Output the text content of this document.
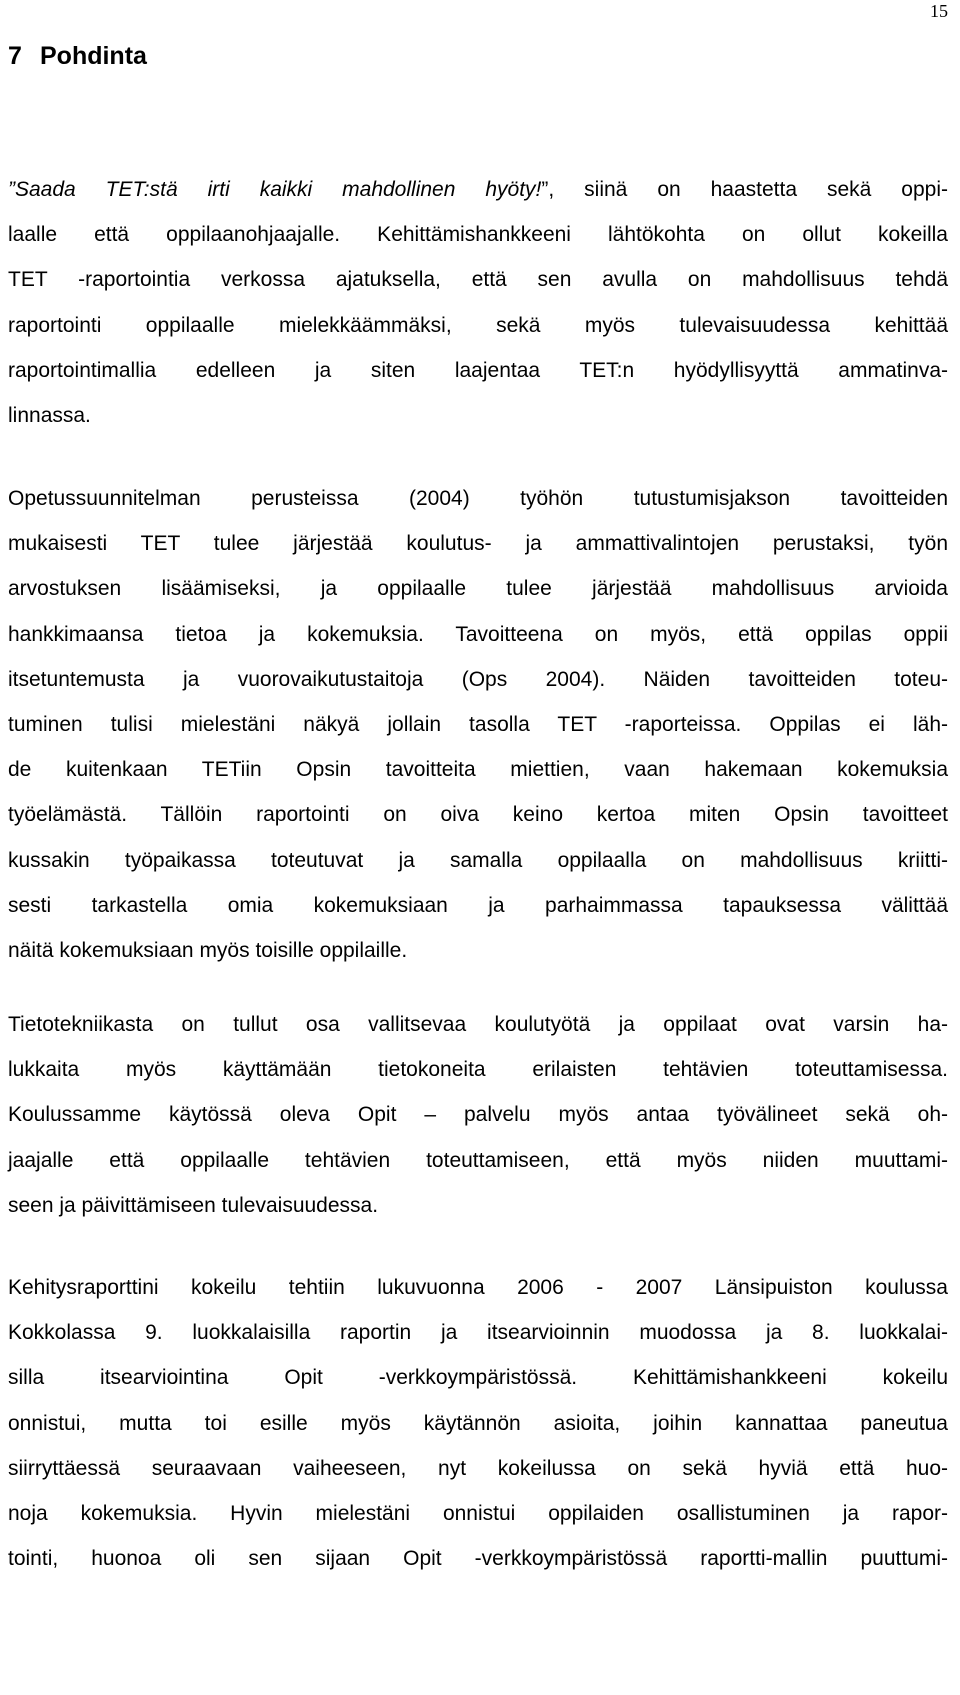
15
7 Pohdinta
”Saada TET:stä irti kaikki mahdollinen hyöty!”, siinä on haastetta sekä oppi-
laalle että oppilaanohjaajalle. Kehittämishankkeeni lähtökohta on ollut kokeilla
TET -raportointia verkossa ajatuksella, että sen avulla on mahdollisuus tehdä
raportointi oppilaalle mielekkäämmäksi, sekä myös tulevaisuudessa kehittää
raportointimallia edelleen ja siten laajentaa TET:n hyödyllisyyttä ammatinva-
linnassa.
Opetussuunnitelman perusteissa (2004) työhön tutustumisjakson tavoitteiden
mukaisesti TET tulee järjestää koulutus- ja ammattivalintojen perustaksi, työn
arvostuksen lisäämiseksi, ja oppilaalle tulee järjestää mahdollisuus arvioida
hankkimaansa tietoa ja kokemuksia. Tavoitteena on myös, että oppilas oppii
itsetuntemusta ja vuorovaikutustaitoja (Ops 2004). Näiden tavoitteiden toteu-
tuminen tulisi mielestäni näkyä jollain tasolla TET -raporteissa. Oppilas ei läh-
de kuitenkaan TETiin Opsin tavoitteita miettien, vaan hakemaan kokemuksia
työelämästä. Tällöin raportointi on oiva keino kertoa miten Opsin tavoitteet
kussakin työpaikassa toteutuvat ja samalla oppilaalla on mahdollisuus kriitti-
sesti tarkastella omia kokemuksiaan ja parhaimmassa tapauksessa välittää
näitä kokemuksiaan myös toisille oppilaille.
Tietotekniikasta on tullut osa vallitsevaa koulutyötä ja oppilaat ovat varsin ha-
lukkaita myös käyttämään tietokoneita erilaisten tehtävien toteuttamisessa.
Koulussamme käytössä oleva Opit – palvelu myös antaa työvälineet sekä oh-
jaajalle että oppilaalle tehtävien toteuttamiseen, että myös niiden muuttami-
seen ja päivittämiseen tulevaisuudessa.
Kehitysraporttini kokeilu tehtiin lukuvuonna 2006 - 2007 Länsipuiston koulussa
Kokkolassa 9. luokkalaisilla raportin ja itsearvioinnin muodossa ja 8. luokkalai-
silla itsearviointina Opit -verkkoympäristössä. Kehittämishankkeeni kokeilu
onnistui, mutta toi esille myös käytännön asioita, joihin kannattaa paneutua
siirryttäessä seuraavaan vaiheeseen, nyt kokeilussa on sekä hyviä että huo-
noja kokemuksia. Hyvin mielestäni onnistui oppilaiden osallistuminen ja rapor-
tointi, huonoa oli sen sijaan Opit -verkkoympäristössä raportti-mallin puuttumi-
